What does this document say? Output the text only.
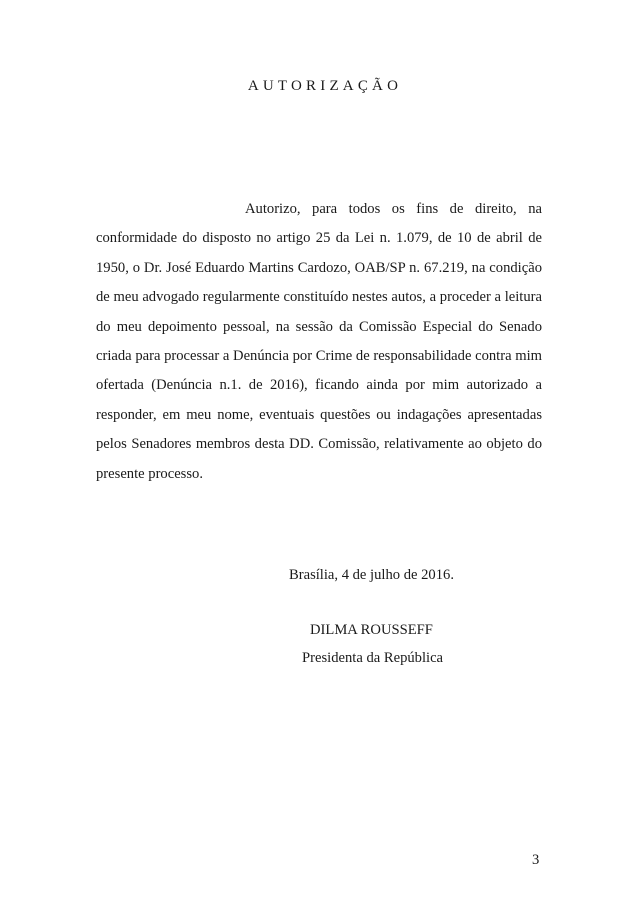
AUTORIZAÇÃO

Autorizo, para todos os fins de direito, na conformidade do disposto no artigo 25 da Lei n. 1.079, de 10 de abril de 1950, o Dr. José Eduardo Martins Cardozo, OAB/SP n. 67.219, na condição de meu advogado regularmente constituído nestes autos, a proceder a leitura do meu depoimento pessoal, na sessão da Comissão Especial do Senado criada para processar a Denúncia por Crime de responsabilidade contra mim ofertada (Denúncia n.1. de 2016), ficando ainda por mim autorizado a responder, em meu nome, eventuais questões ou indagações apresentadas pelos Senadores membros desta DD. Comissão, relativamente ao objeto do presente processo.

Brasília, 4 de julho de 2016.
DILMA ROUSSEFF
Presidenta da República
3
